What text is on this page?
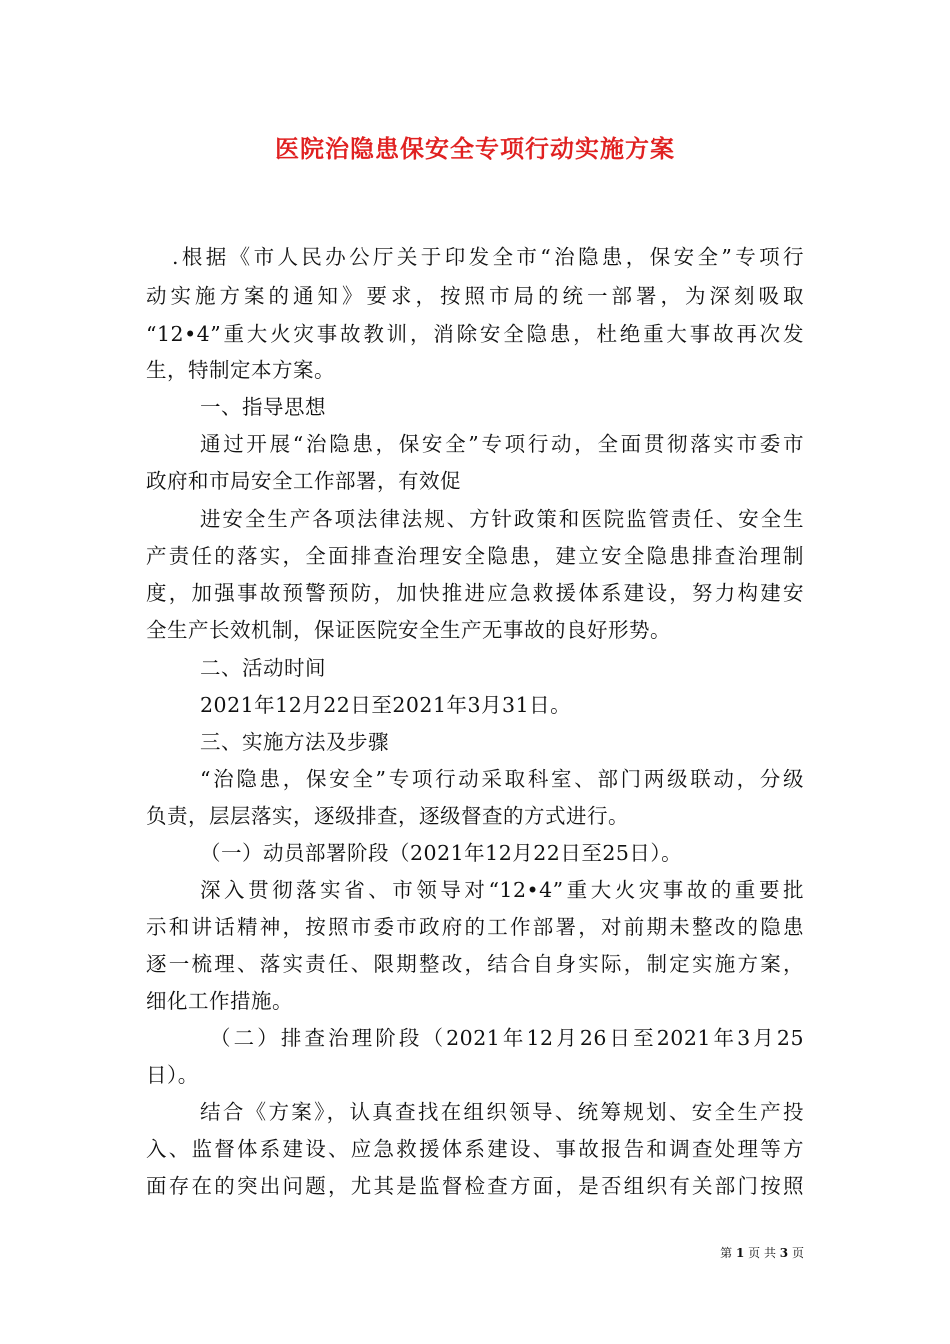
医院治隐患保安全专项行动实施方案
.根据《市人民办公厅关于印发全市“治隐患，保安全”专项行
动实施方案的通知》要求，按照市局的统一部署，为深刻吸取
“12•4”重大火灾事故教训，消除安全隐患，杜绝重大事故再次发
生，特制定本方案。
一、指导思想
通过开展“治隐患，保安全”专项行动，全面贯彻落实市委市
政府和市局安全工作部署，有效促
进安全生产各项法律法规、方针政策和医院监管责任、安全生
产责任的落实，全面排查治理安全隐患，建立安全隐患排查治理制
度，加强事故预警预防，加快推进应急救援体系建设，努力构建安
全生产长效机制，保证医院安全生产无事故的良好形势。
二、活动时间
2021年12月22日至2021年3月31日。
三、实施方法及步骤
“治隐患，保安全”专项行动采取科室、部门两级联动，分级
负责，层层落实，逐级排查，逐级督查的方式进行。
（一）动员部署阶段（2021年12月22日至25日）。
深入贯彻落实省、市领导对“12•4”重大火灾事故的重要批
示和讲话精神，按照市委市政府的工作部署，对前期未整改的隐患
逐一梳理、落实责任、限期整改，结合自身实际，制定实施方案，
细化工作措施。
（二）排查治理阶段（2021年12月26日至2021年3月25
日）。
结合《方案》，认真查找在组织领导、统筹规划、安全生产投
入、监督体系建设、应急救援体系建设、事故报告和调查处理等方
面存在的突出问题，尤其是监督检查方面，是否组织有关部门按照
第 1 页 共 3 页
